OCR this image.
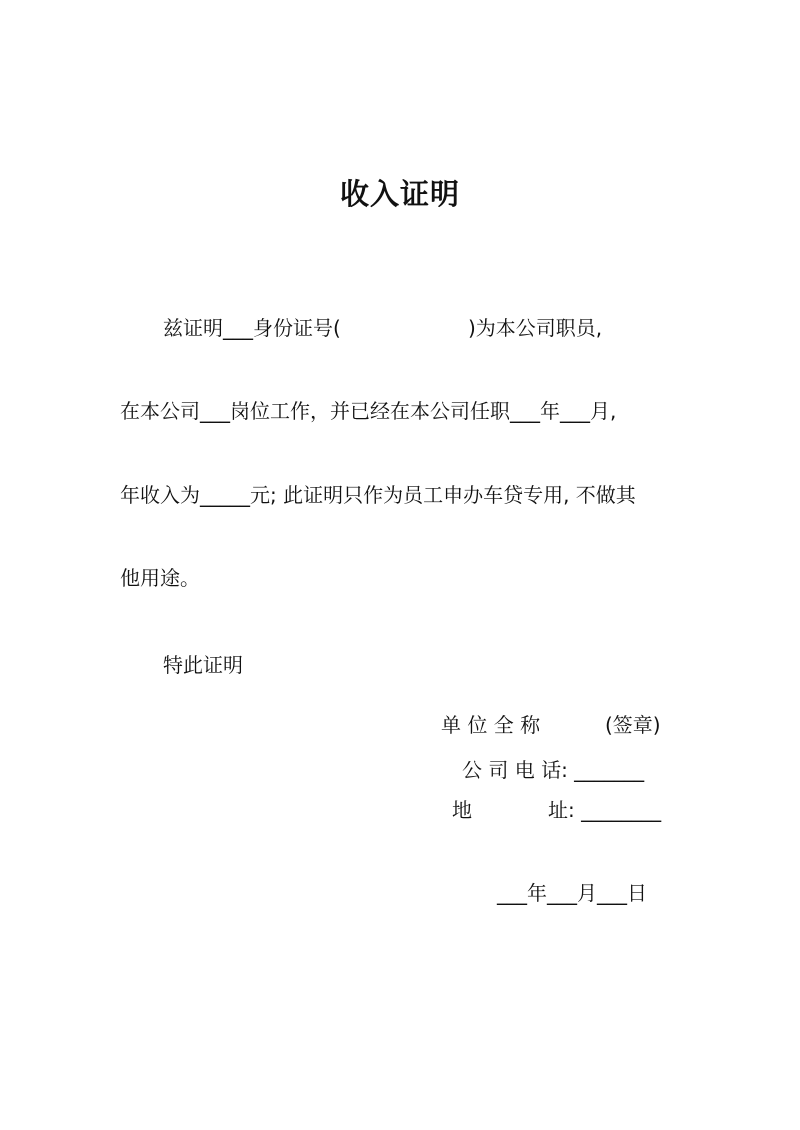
收入证明
兹证明___身份证号(                    )为本公司职员,
在本公司___岗位工作，并已经在本公司任职___年___月,
年收入为_____元; 此证明只作为员工申办车贷专用, 不做其
他用途。
特此证明
单 位 全 称	(签章)
公 司 电 话: _______
地	址: ________
___年___月___日
